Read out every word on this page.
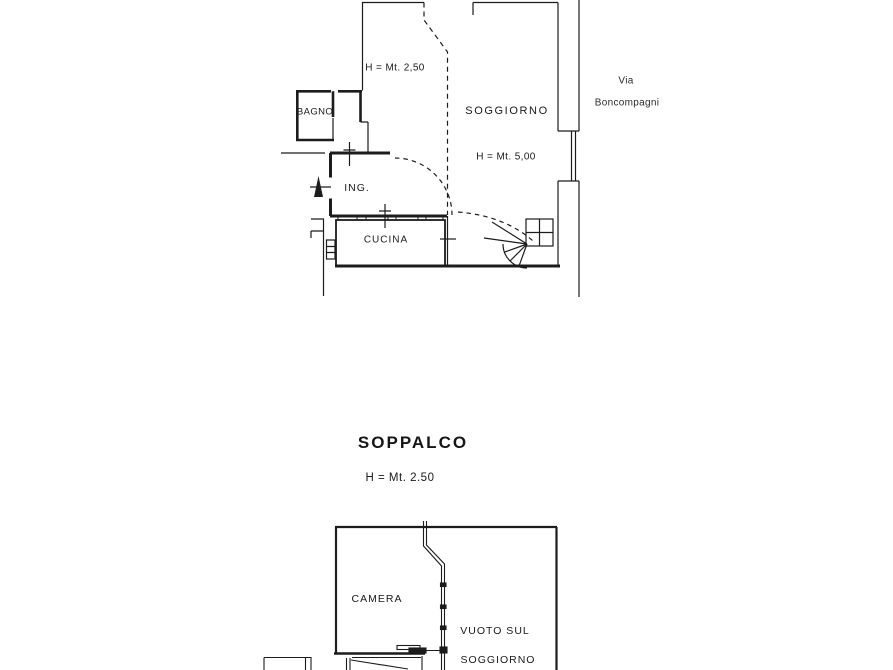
BAGNO
ING.
CUCINA
SOGGIORNO
H = Mt. 2,50
H = Mt. 5,00
Via
Boncompagni
SOPPALCO
H = Mt. 2.50
CAMERA
VUOTO SUL
SOGGIORNO
